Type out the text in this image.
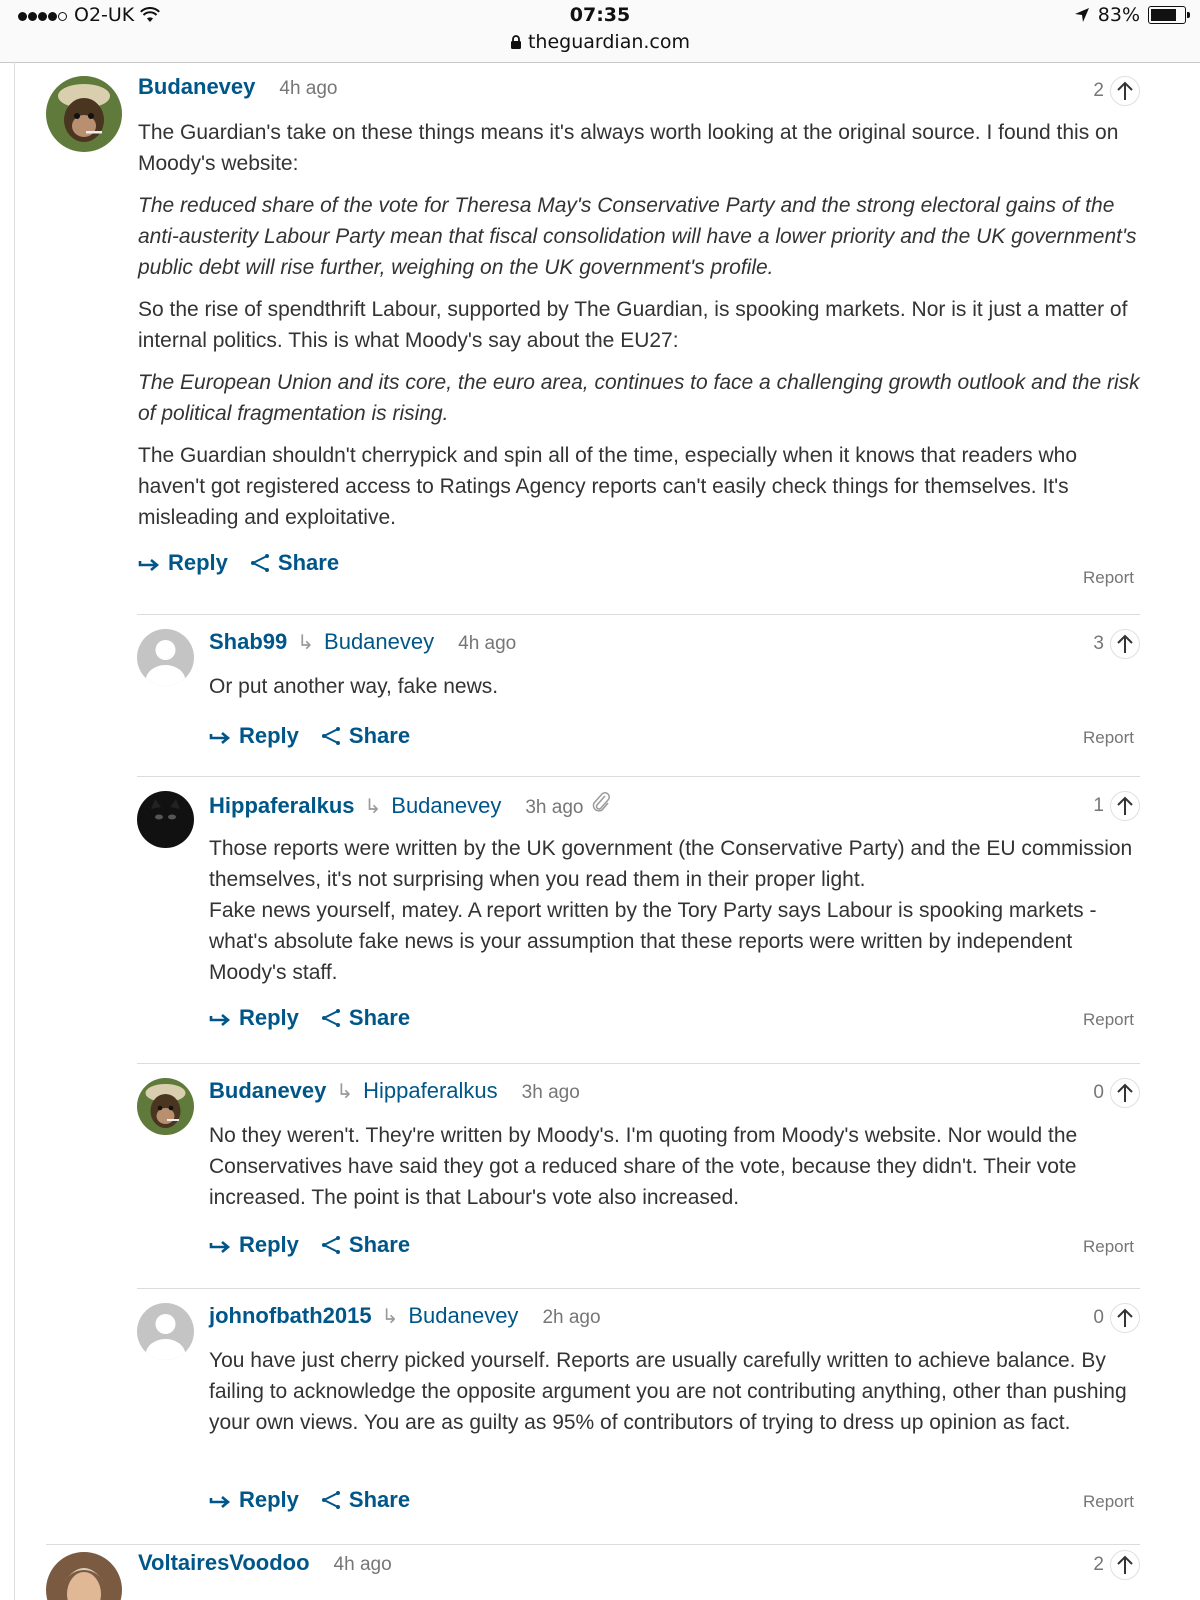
O2-UK	07:35	83%
theguardian.com
Budanevey 4h ago	2

The Guardian's take on these things means it's always worth looking at the original source. I found this on Moody's website:

The reduced share of the vote for Theresa May's Conservative Party and the strong electoral gains of the anti-austerity Labour Party mean that fiscal consolidation will have a lower priority and the UK government's public debt will rise further, weighing on the UK government's profile.

So the rise of spendthrift Labour, supported by The Guardian, is spooking markets. Nor is it just a matter of internal politics. This is what Moody's say about the EU27:

The European Union and its core, the euro area, continues to face a challenging growth outlook and the risk of political fragmentation is rising.

The Guardian shouldn't cherrypick and spin all of the time, especially when it knows that readers who haven't got registered access to Ratings Agency reports can't easily check things for themselves. It's misleading and exploitative.

Reply Share
Report
Shab99 ↳ Budanevey 4h ago	3

Or put another way, fake news.

Reply Share	Report
Hippaferalkus ↳ Budanevey 3h ago	1

Those reports were written by the UK government (the Conservative Party) and the EU commission themselves, it's not surprising when you read them in their proper light.

Fake news yourself, matey. A report written by the Tory Party says Labour is spooking markets - what's absolute fake news is your assumption that these reports were written by independent Moody's staff.

Reply Share	Report
Budanevey ↳ Hippaferalkus 3h ago	0

No they weren't. They're written by Moody's. I'm quoting from Moody's website. Nor would the Conservatives have said they got a reduced share of the vote, because they didn't. Their vote increased. The point is that Labour's vote also increased.

Reply Share	Report
johnofbath2015 ↳ Budanevey 2h ago	0

You have just cherry picked yourself. Reports are usually carefully written to achieve balance. By failing to acknowledge the opposite argument you are not contributing anything, other than pushing your own views. You are as guilty as 95% of contributors of trying to dress up opinion as fact.

Reply Share	Report
VoltairesVoodoo 4h ago	2
